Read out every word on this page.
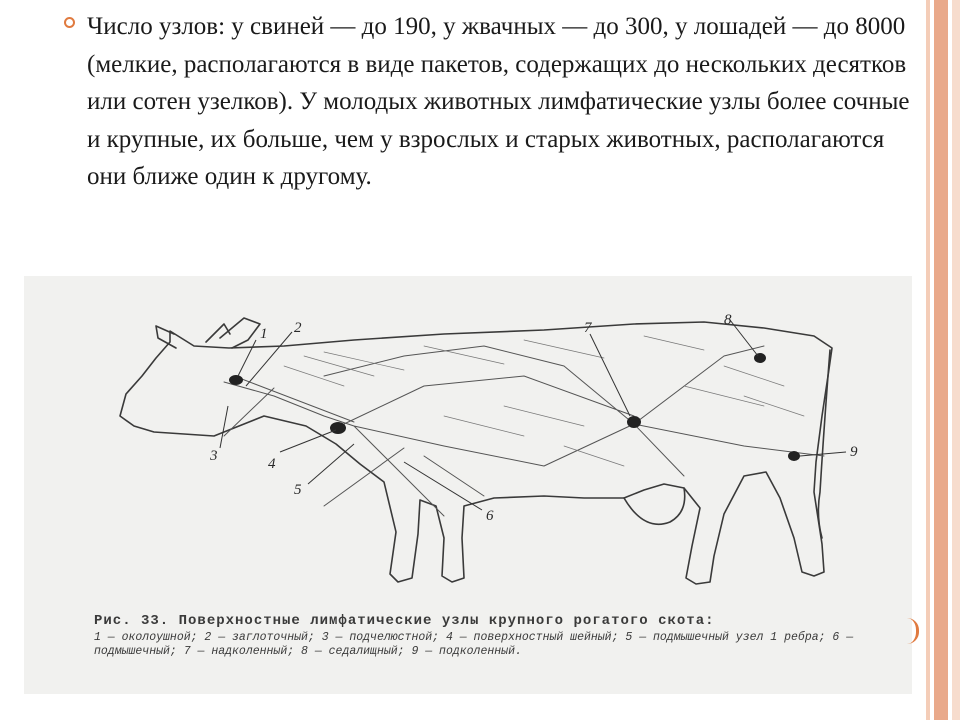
Число узлов: у свиней — до 190, у жвачных — до 300, у лошадей — до 8000 (мелкие, располагаются в виде пакетов, содержащих до нескольких десятков или сотен узелков). У молодых животных лимфатические узлы более сочные и крупные, их больше, чем у взрослых и старых животных, располагаются они ближе один к другому.
1 2
3	4
5
6
7	8
9
Рис. 33. Поверхностные лимфатические узлы крупного рогатого скота:
1 — околоушной; 2 — заглоточный; 3 — подчелюстной; 4 — поверхностный шейный; 5 — подмышечный узел 1 ребра; 6 — подмышечный; 7 — надколенный; 8 — седалищный; 9 — подколенный.
